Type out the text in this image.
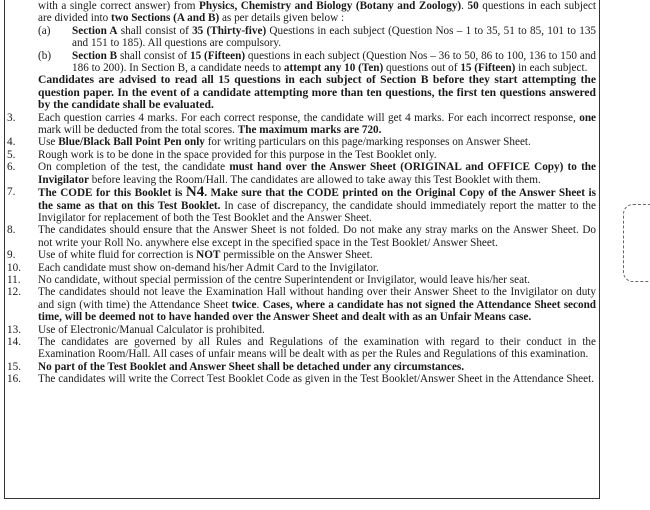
with a single correct answer) from Physics, Chemistry and Biology (Botany and Zoology). 50 questions in each subject are divided into two Sections (A and B) as per details given below :
(a) Section A shall consist of 35 (Thirty-five) Questions in each subject (Question Nos – 1 to 35, 51 to 85, 101 to 135 and 151 to 185). All questions are compulsory.
(b) Section B shall consist of 15 (Fifteen) questions in each subject (Question Nos – 36 to 50, 86 to 100, 136 to 150 and 186 to 200). In Section B, a candidate needs to attempt any 10 (Ten) questions out of 15 (Fifteen) in each subject.
Candidates are advised to read all 15 questions in each subject of Section B before they start attempting the question paper. In the event of a candidate attempting more than ten questions, the first ten questions answered by the candidate shall be evaluated.
3. Each question carries 4 marks. For each correct response, the candidate will get 4 marks. For each incorrect response, one mark will be deducted from the total scores. The maximum marks are 720.
4. Use Blue/Black Ball Point Pen only for writing particulars on this page/marking responses on Answer Sheet.
5. Rough work is to be done in the space provided for this purpose in the Test Booklet only.
6. On completion of the test, the candidate must hand over the Answer Sheet (ORIGINAL and OFFICE Copy) to the Invigilator before leaving the Room/Hall. The candidates are allowed to take away this Test Booklet with them.
7. The CODE for this Booklet is N4. Make sure that the CODE printed on the Original Copy of the Answer Sheet is the same as that on this Test Booklet. In case of discrepancy, the candidate should immediately report the matter to the Invigilator for replacement of both the Test Booklet and the Answer Sheet.
8. The candidates should ensure that the Answer Sheet is not folded. Do not make any stray marks on the Answer Sheet. Do not write your Roll No. anywhere else except in the specified space in the Test Booklet/ Answer Sheet.
9. Use of white fluid for correction is NOT permissible on the Answer Sheet.
10. Each candidate must show on-demand his/her Admit Card to the Invigilator.
11. No candidate, without special permission of the centre Superintendent or Invigilator, would leave his/her seat.
12. The candidates should not leave the Examination Hall without handing over their Answer Sheet to the Invigilator on duty and sign (with time) the Attendance Sheet twice. Cases, where a candidate has not signed the Attendance Sheet second time, will be deemed not to have handed over the Answer Sheet and dealt with as an Unfair Means case.
13. Use of Electronic/Manual Calculator is prohibited.
14. The candidates are governed by all Rules and Regulations of the examination with regard to their conduct in the Examination Room/Hall. All cases of unfair means will be dealt with as per the Rules and Regulations of this examination.
15. No part of the Test Booklet and Answer Sheet shall be detached under any circumstances.
16. The candidates will write the Correct Test Booklet Code as given in the Test Booklet/Answer Sheet in the Attendance Sheet.
